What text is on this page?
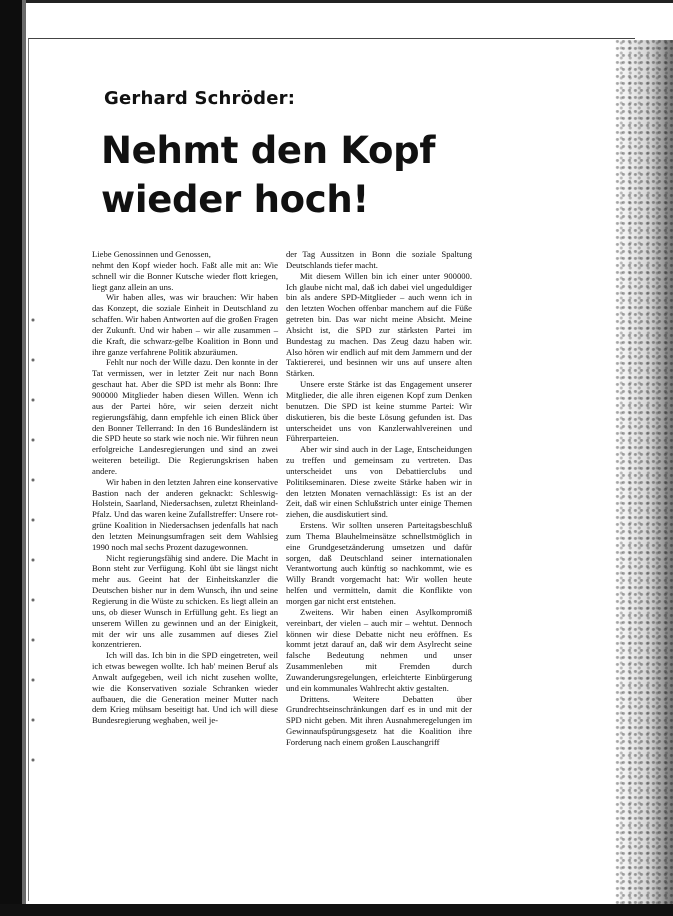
Gerhard Schröder:
Nehmt den Kopf
wieder hoch!

Liebe Genossinnen und Genossen,

nehmt den Kopf wieder hoch. Faßt alle mit an: Wie schnell wir die Bonner Kutsche wieder flott kriegen, liegt ganz allein an uns.

Wir haben alles, was wir brauchen: Wir haben das Konzept, die soziale Einheit in Deutschland zu schaffen. Wir haben Antworten auf die großen Fragen der Zukunft. Und wir haben – wir alle zusammen – die Kraft, die schwarz-gelbe Koalition in Bonn und ihre ganze verfahrene Politik abzuräumen.

Fehlt nur noch der Wille dazu. Den konnte in der Tat vermissen, wer in letzter Zeit nur nach Bonn geschaut hat. Aber die SPD ist mehr als Bonn: Ihre 900000 Mitglieder haben diesen Willen. Wenn ich aus der Partei höre, wir seien derzeit nicht regierungsfähig, dann empfehle ich einen Blick über den Bonner Tellerrand: In den 16 Bundesländern ist die SPD heute so stark wie noch nie. Wir führen neun erfolgreiche Landesregierungen und sind an zwei weiteren beteiligt. Die Regierungskrisen haben andere.

Wir haben in den letzten Jahren eine konservative Bastion nach der anderen geknackt: Schleswig-Holstein, Saarland, Niedersachsen, zuletzt Rheinland-Pfalz. Und das waren keine Zufallstreffer: Unsere rot-grüne Koalition in Niedersachsen jedenfalls hat nach den letzten Meinungsumfragen seit dem Wahlsieg 1990 noch mal sechs Prozent dazugewonnen.

Nicht regierungsfähig sind andere. Die Macht in Bonn steht zur Verfügung. Kohl übt sie längst nicht mehr aus. Geeint hat der Einheitskanzler die Deutschen bisher nur in dem Wunsch, ihn und seine Regierung in die Wüste zu schicken. Es liegt allein an uns, ob dieser Wunsch in Erfüllung geht. Es liegt an unserem Willen zu gewinnen und an der Einigkeit, mit der wir uns alle zusammen auf dieses Ziel konzentrieren.

Ich will das. Ich bin in die SPD eingetreten, weil ich etwas bewegen wollte. Ich hab' meinen Beruf als Anwalt aufgegeben, weil ich nicht zusehen wollte, wie die Konservativen soziale Schranken wieder aufbauen, die die Generation meiner Mutter nach dem Krieg mühsam beseitigt hat. Und ich will diese Bundesregierung weghaben, weil je-

der Tag Aussitzen in Bonn die soziale Spaltung Deutschlands tiefer macht.

Mit diesem Willen bin ich einer unter 900000. Ich glaube nicht mal, daß ich dabei viel ungeduldiger bin als andere SPD-Mitglieder – auch wenn ich in den letzten Wochen offenbar manchem auf die Füße getreten bin. Das war nicht meine Absicht. Meine Absicht ist, die SPD zur stärksten Partei im Bundestag zu machen. Das Zeug dazu haben wir. Also hören wir endlich auf mit dem Jammern und der Taktiererei, und besinnen wir uns auf unsere alten Stärken.

Unsere erste Stärke ist das Engagement unserer Mitglieder, die alle ihren eigenen Kopf zum Denken benutzen. Die SPD ist keine stumme Partei: Wir diskutieren, bis die beste Lösung gefunden ist. Das unterscheidet uns von Kanzlerwahlvereinen und Führerparteien.

Aber wir sind auch in der Lage, Entscheidungen zu treffen und gemeinsam zu vertreten. Das unterscheidet uns von Debattierclubs und Politikseminaren. Diese zweite Stärke haben wir in den letzten Monaten vernachlässigt: Es ist an der Zeit, daß wir einen Schlußstrich unter einige Themen ziehen, die ausdiskutiert sind.

Erstens. Wir sollten unseren Parteitagsbeschluß zum Thema Blauhelmeinsätze schnellstmöglich in eine Grundgesetzänderung umsetzen und dafür sorgen, daß Deutschland seiner internationalen Verantwortung auch künftig so nachkommt, wie es Willy Brandt vorgemacht hat: Wir wollen heute helfen und vermitteln, damit die Konflikte von morgen gar nicht erst entstehen.

Zweitens. Wir haben einen Asylkompromiß vereinbart, der vielen – auch mir – wehtut. Dennoch können wir diese Debatte nicht neu eröffnen. Es kommt jetzt darauf an, daß wir dem Asylrecht seine falsche Bedeutung nehmen und unser Zusammenleben mit Fremden durch Zuwanderungsregelungen, erleichterte Einbürgerung und ein kommunales Wahlrecht aktiv gestalten.

Drittens. Weitere Debatten über Grundrechtseinschränkungen darf es in und mit der SPD nicht geben. Mit ihren Ausnahmeregelungen im Gewinnaufspürungsgesetz hat die Koalition ihre Forderung nach einem großen Lauschangriff
